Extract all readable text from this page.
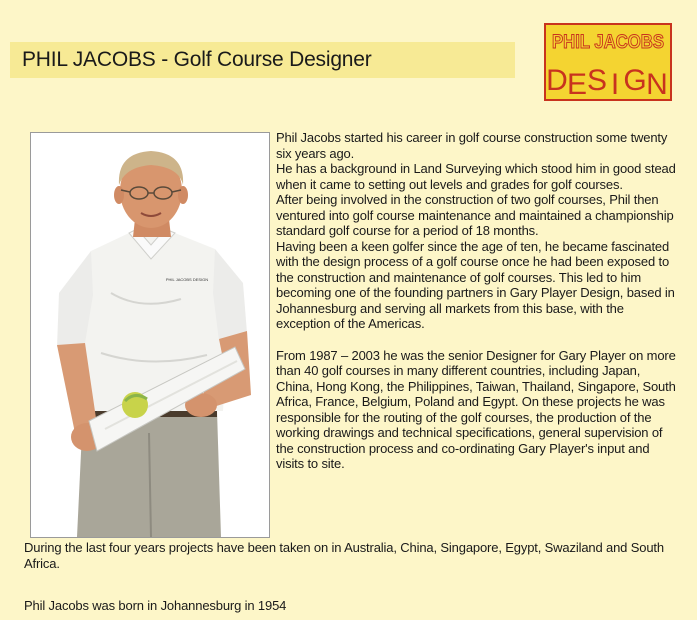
PHIL JACOBS - Golf Course Designer
PHIL JACOBS
D E S I G N
PHIL JACOBS DESIGN

Phil Jacobs started his career in golf course construction some twenty six years ago.

He has a background in Land Surveying which stood him in good stead when it came to setting out levels and grades for golf courses.

After being involved in the construction of two golf courses, Phil then ventured into golf course maintenance and maintained a championship standard golf course for a period of 18 months.

Having been a keen golfer since the age of ten, he became fascinated with the design process of a golf course once he had been exposed to the construction and maintenance of golf courses. This led to him becoming one of the founding partners in Gary Player Design, based in Johannesburg and serving all markets from this base, with the exception of the Americas.

From 1987 – 2003 he was the senior Designer for Gary Player on more than 40 golf courses in many different countries, including Japan, China, Hong Kong, the Philippines, Taiwan, Thailand, Singapore, South Africa, France, Belgium, Poland and Egypt. On these projects he was responsible for the routing of the golf courses, the production of the working drawings and technical specifications, general supervision of the construction process and co-ordinating Gary Player's input and visits to site.

During the last four years projects have been taken on in Australia, China, Singapore, Egypt, Swaziland and South Africa.
Phil Jacobs was born in Johannesburg in 1954
